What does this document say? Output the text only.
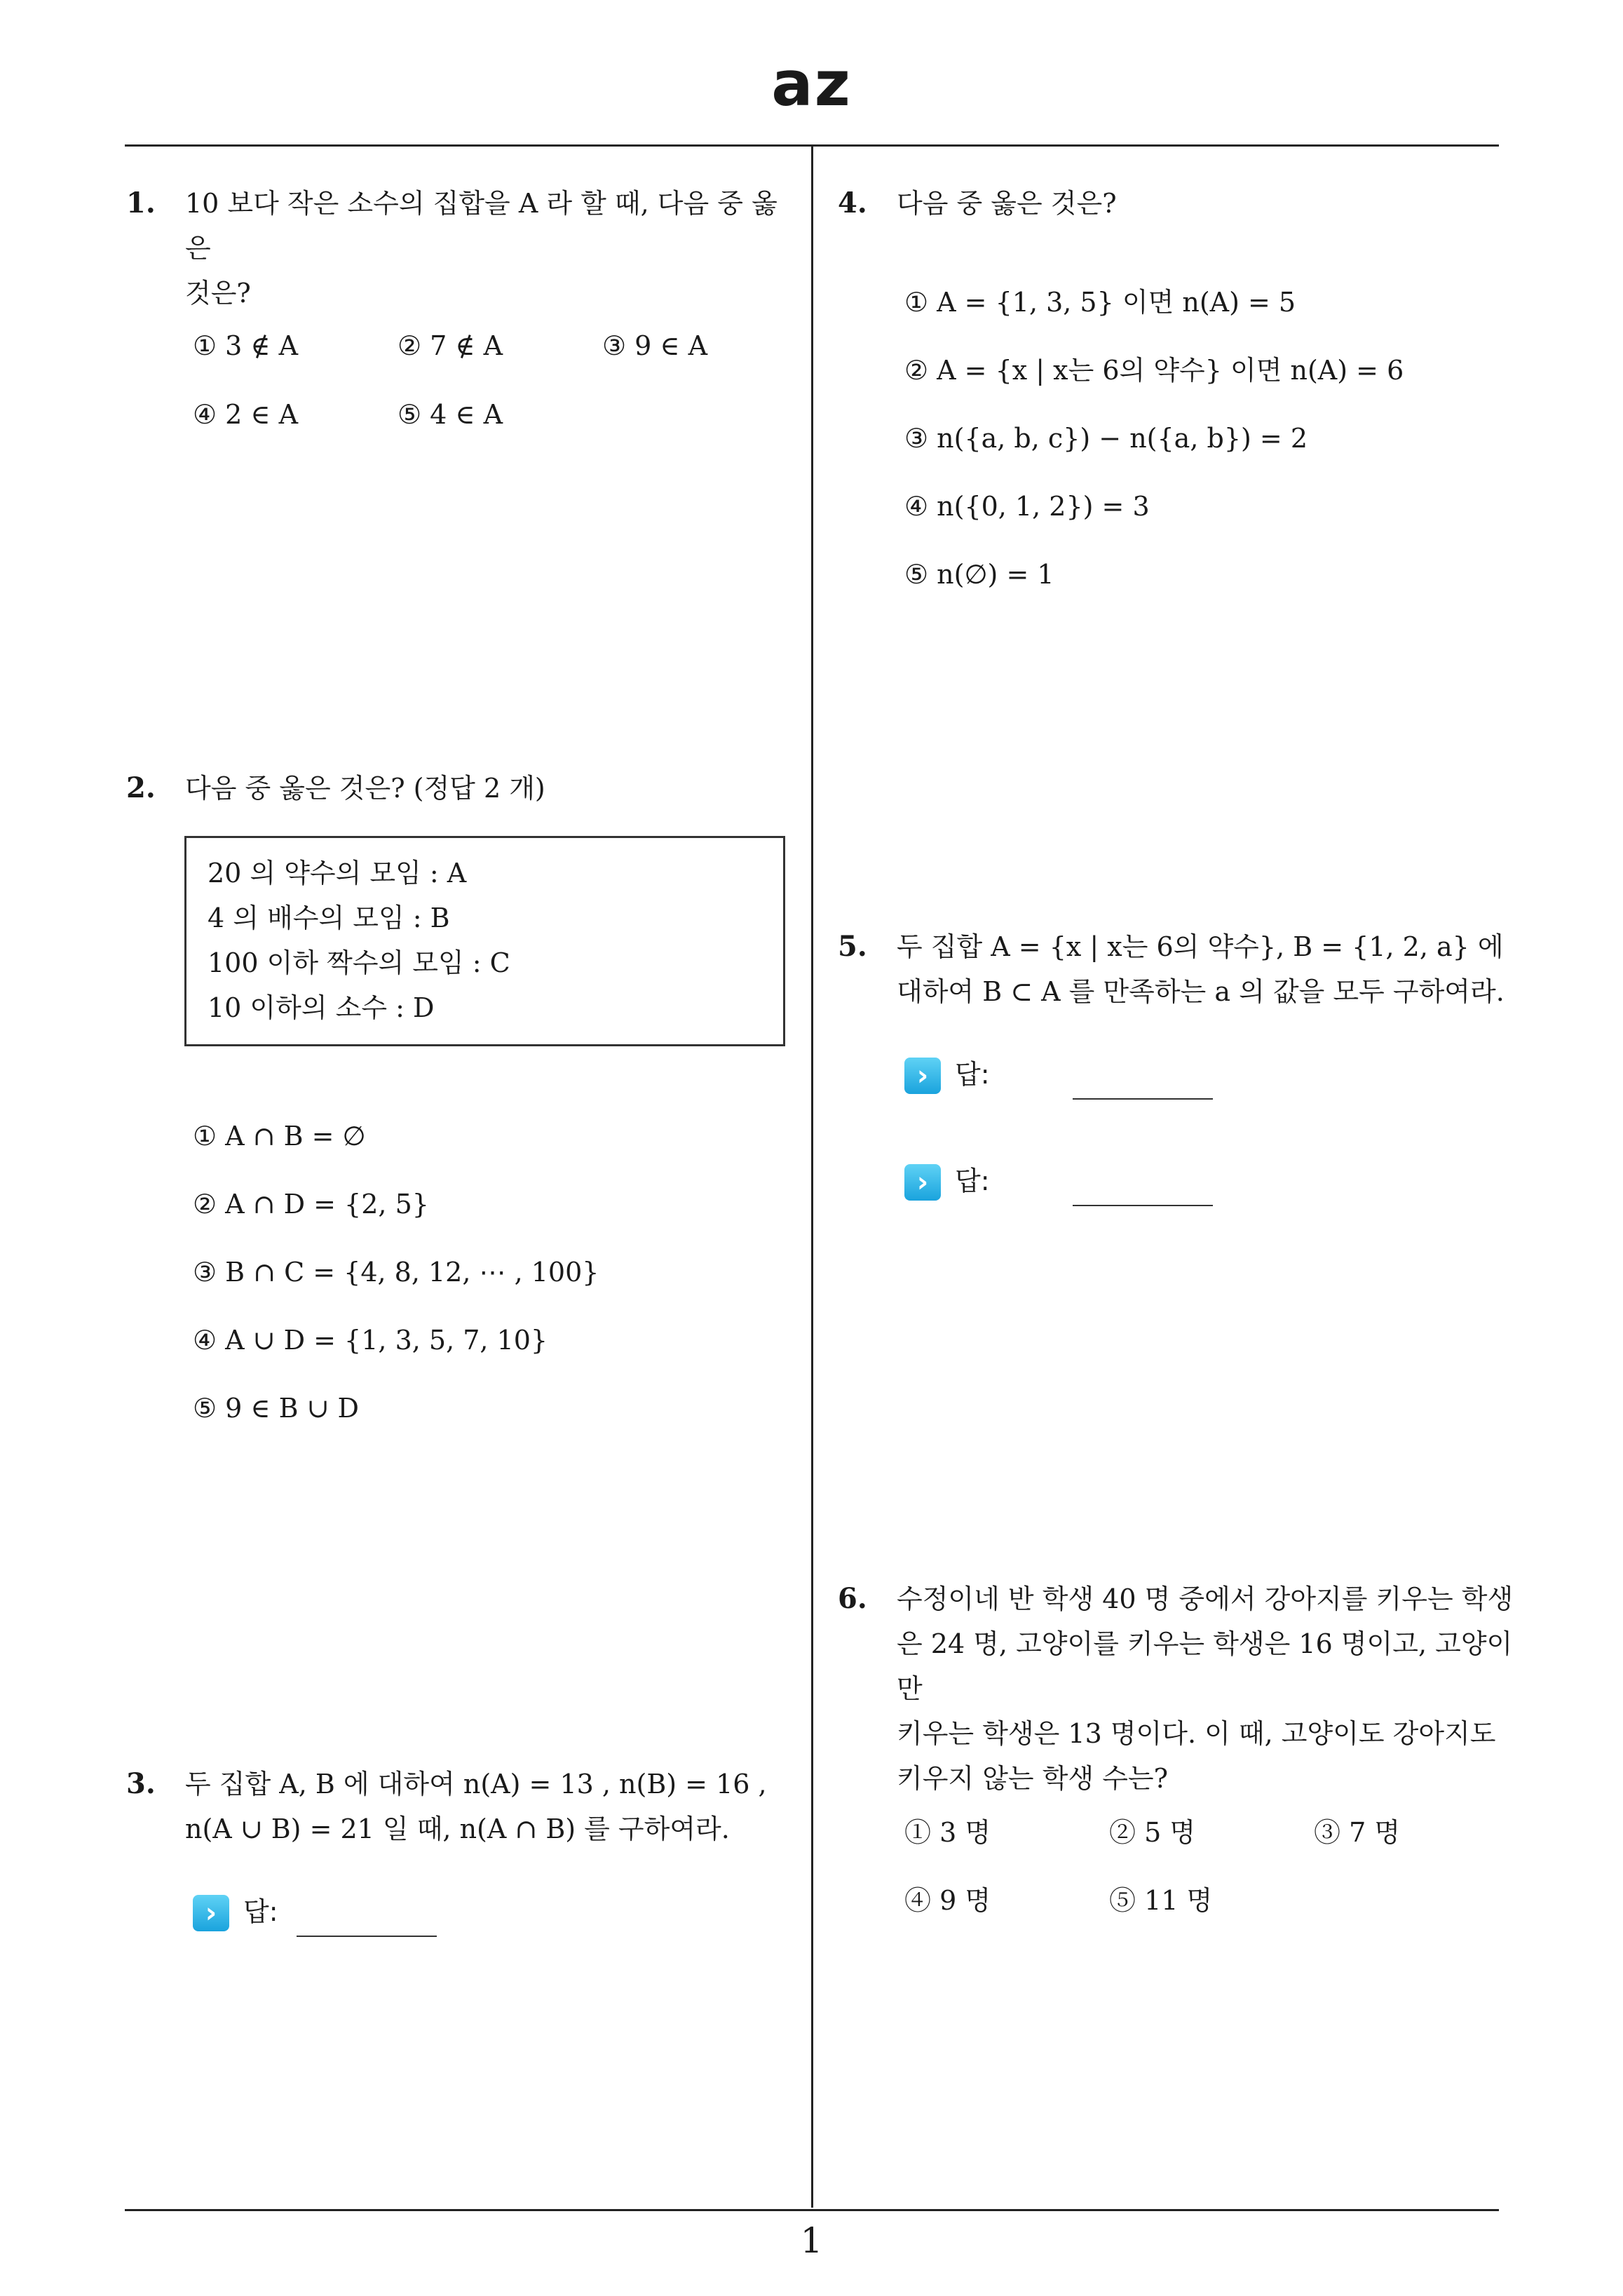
az
1
1. 10 보다 작은 소수의 집합을 A 라 할 때, 다음 중 옳은
것은?
① 3 ∉ A	② 7 ∉ A	③ 9 ∈ A
④ 2 ∈ A	⑤ 4 ∈ A
2. 다음 중 옳은 것은? (정답 2 개)
20 의 약수의 모임 : A
4 의 배수의 모임 : B
100 이하 짝수의 모임 : C
10 이하의 소수 : D
① A ∩ B = ∅
② A ∩ D = {2, 5}
③ B ∩ C = {4, 8, 12, ⋯ , 100}
④ A ∪ D = {1, 3, 5, 7, 10}
⑤ 9 ∈ B ∪ D
3. 두 집합 A, B 에 대하여 n(A) = 13 , n(B) = 16 ,
n(A ∪ B) = 21 일 때, n(A ∩ B) 를 구하여라.
› 답:
4. 다음 중 옳은 것은?
① A = {1, 3, 5} 이면 n(A) = 5
② A = {x | x는 6의 약수} 이면 n(A) = 6
③ n({a, b, c}) − n({a, b}) = 2
④ n({0, 1, 2}) = 3
⑤ n(∅) = 1
5. 두 집합 A = {x | x는 6의 약수}, B = {1, 2, a} 에
대하여 B ⊂ A 를 만족하는 a 의 값을 모두 구하여라.
› 답:
› 답:
6. 수정이네 반 학생 40 명 중에서 강아지를 키우는 학생
은 24 명, 고양이를 키우는 학생은 16 명이고, 고양이만
키우는 학생은 13 명이다. 이 때, 고양이도 강아지도
키우지 않는 학생 수는?
① 3 명	② 5 명	③ 7 명
④ 9 명	⑤ 11 명
